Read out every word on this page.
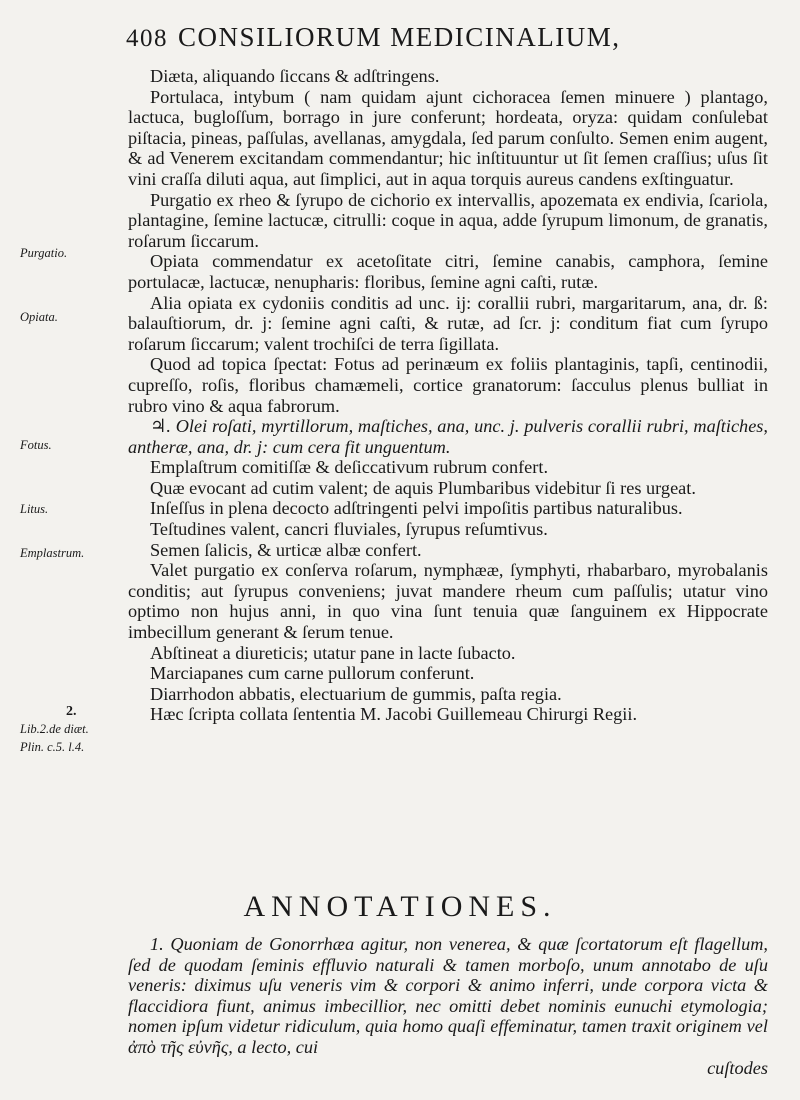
408 CONSILIORUM MEDICINALIUM,
Purgatio.
Opiata.
Fotus.
Litus.
Emplastrum.
2.
Lib.2.de diæt.
Plin. c.5. l.4.

Diæta, aliquando ſiccans & adſtringens.

Portulaca, intybum ( nam quidam ajunt cichoracea ſemen minuere ) plantago, lactuca, bugloſſum, borrago in jure conferunt; hordeata, oryza: quidam conſulebat piſtacia, pineas, paſſulas, avellanas, amygdala, ſed parum conſulto. Semen enim augent, & ad Venerem excitandam commendantur; hic inſtituuntur ut ſit ſemen craſſius; uſus ſit vini craſſa diluti aqua, aut ſimplici, aut in aqua torquis aureus candens exſtinguatur.

Purgatio ex rheo & ſyrupo de cichorio ex intervallis, apozemata ex endivia, ſcariola, plantagine, ſemine lactucæ, citrulli: coque in aqua, adde ſyrupum limonum, de granatis, roſarum ſiccarum.

Opiata commendatur ex acetoſitate citri, ſemine canabis, camphora, ſemine portulacæ, lactucæ, nenupharis: floribus, ſemine agni caſti, rutæ.

Alia opiata ex cydoniis conditis ad unc. ij: corallii rubri, margaritarum, ana, dr. ß: balauſtiorum, dr. j: ſemine agni caſti, & rutæ, ad ſcr. j: conditum fiat cum ſyrupo roſarum ſiccarum; valent trochiſci de terra ſigillata.

Quod ad topica ſpectat: Fotus ad perinæum ex foliis plantaginis, tapſi, centinodii, cupreſſo, roſis, floribus chamæmeli, cortice granatorum: ſacculus plenus bulliat in rubro vino & aqua fabrorum.

♃. Olei roſati, myrtillorum, maſtiches, ana, unc. j. pulveris corallii rubri, maſtiches, antheræ, ana, dr. j: cum cera fit unguentum.

Emplaſtrum comitiſſæ & deſiccativum rubrum confert.

Quæ evocant ad cutim valent; de aquis Plumbaribus videbitur ſi res urgeat.

Inſeſſus in plena decocto adſtringenti pelvi impoſitis partibus naturalibus.

Teſtudines valent, cancri fluviales, ſyrupus reſumtivus.

Semen ſalicis, & urticæ albæ confert.

Valet purgatio ex conſerva roſarum, nymphææ, ſymphyti, rhabarbaro, myrobalanis conditis; aut ſyrupus conveniens; juvat mandere rheum cum paſſulis; utatur vino optimo non hujus anni, in quo vina ſunt tenuia quæ ſanguinem ex Hippocrate imbecillum generant & ſerum tenue.

Abſtineat a diureticis; utatur pane in lacte ſubacto.

Marciapanes cum carne pullorum conferunt.

Diarrhodon abbatis, electuarium de gummis, paſta regia.

Hæc ſcripta collata ſententia M. Jacobi Guillemeau Chirurgi Regii.

ANNOTATIONES.

1. Quoniam de Gonorrhæa agitur, non venerea, & quæ ſcortatorum eſt flagellum, ſed de quodam ſeminis effluvio naturali & tamen morboſo, unum annotabo de uſu veneris: diximus uſu veneris vim & corpori & animo inferri, unde corpora victa & flaccidiora fiunt, animus imbecillior, nec omitti debet nominis eunuchi etymologia; nomen ipſum videtur ridiculum, quia homo quaſi effeminatur, tamen traxit originem vel ἀπὸ τῆς εὐνῆς, a lecto, cui

cuſtodes
